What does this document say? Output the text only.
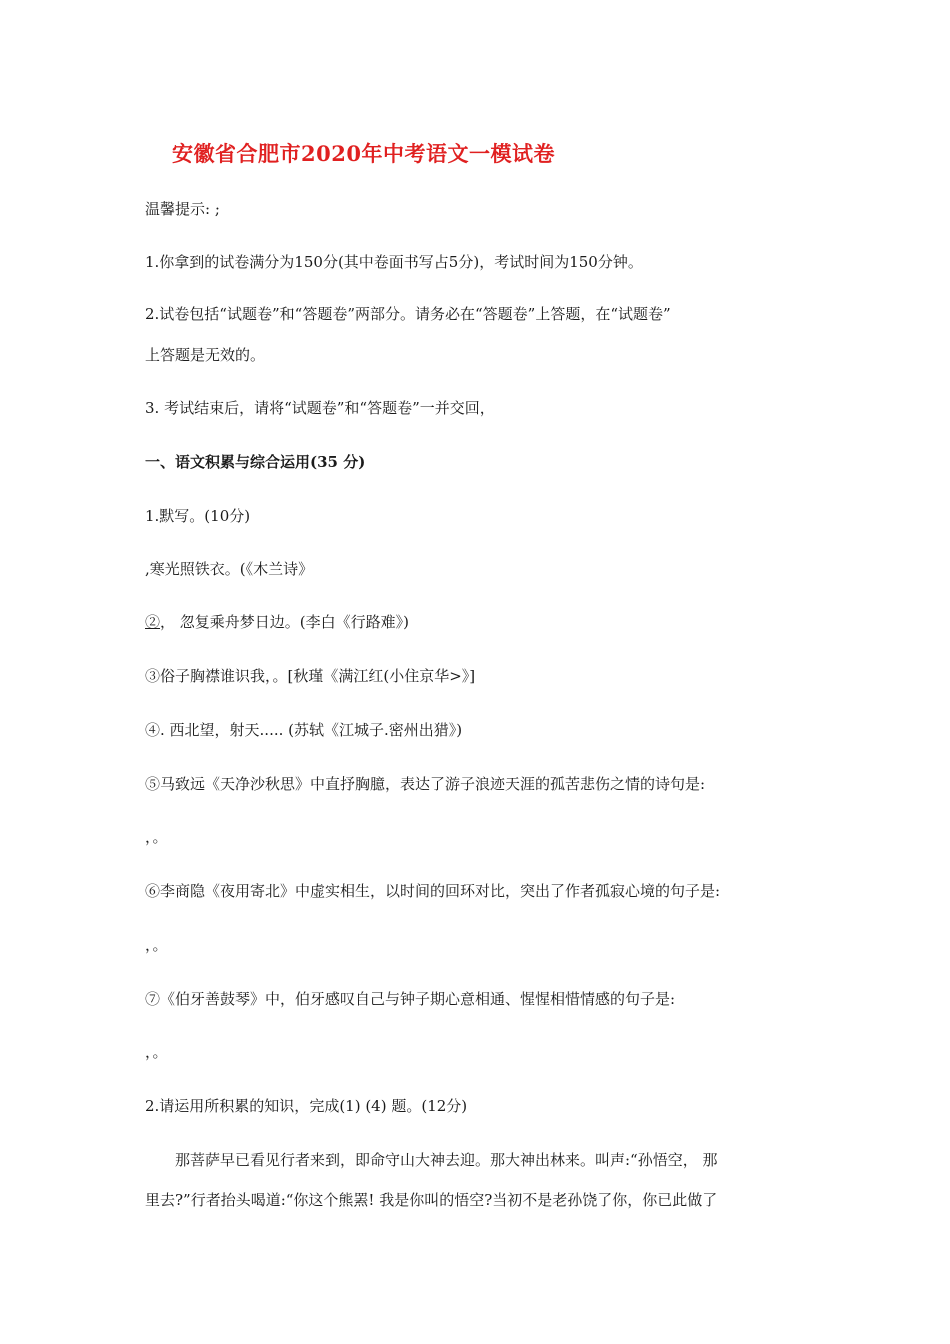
安徽省合肥市2020年中考语文一模试卷
温馨提示: ;
1.你拿到的试卷满分为150分(其中卷面书写占5分)，考试时间为150分钟。
2.试卷包括“试题卷”和“答题卷”两部分。请务必在“答题卷”上答题，在“试题卷”
上答题是无效的。
3. 考试结束后，请将“试题卷”和“答题卷”一并交回，
一、语文积累与综合运用(35 分)
1.默写。(10分)
,寒光照铁衣。(《木兰诗》
②， 忽复乘舟梦日边。(李白《行路难》)
③俗子胸襟谁识我，。[秋瑾《满江红(小住京华>》]
④. 西北望，射天..... (苏轼《江城子.密州出猎》)
⑤马致远《天净沙秋思》中直抒胸臆，表达了游子浪迹天涯的孤苦悲伤之情的诗句是:
，。
⑥李商隐《夜用寄北》中虚实相生，以时间的回环对比，突出了作者孤寂心境的句子是:
，。
⑦《伯牙善鼓琴》中，伯牙感叹自己与钟子期心意相通、惺惺相惜情感的句子是:
，。
2.请运用所积累的知识，完成(1) (4) 题。(12分)
那菩萨早已看见行者来到，即命守山大神去迎。那大神出林来。叫声:“孙悟空， 那
里去?”行者抬头喝道:“你这个熊罴! 我是你叫的悟空?当初不是老孙饶了你，你已此做了
